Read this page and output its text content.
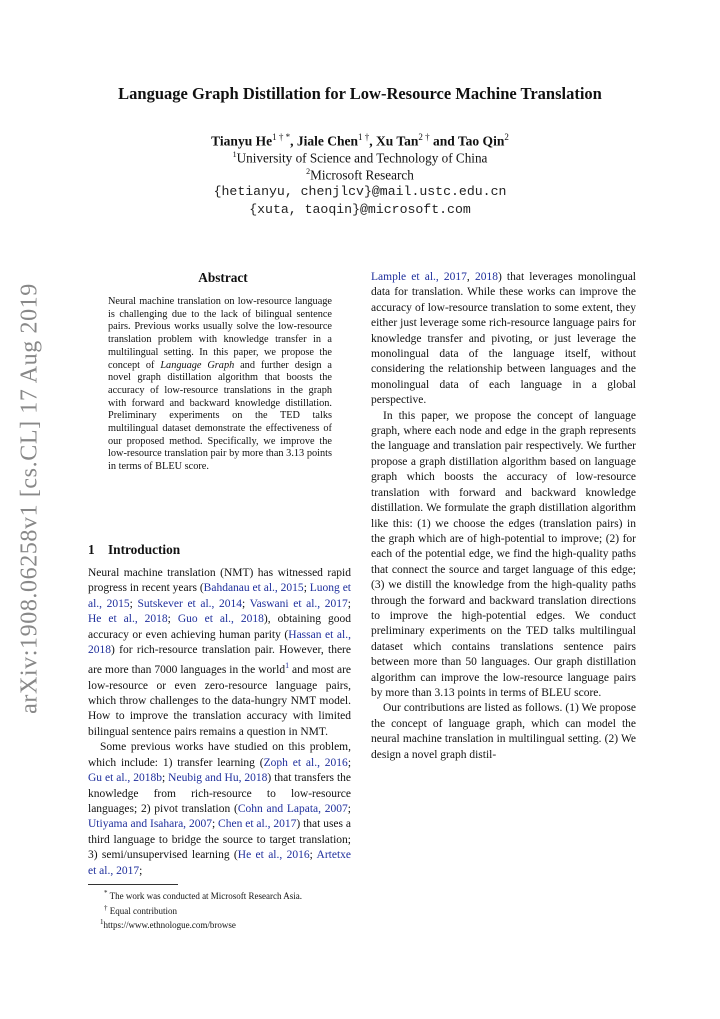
arXiv:1908.06258v1 [cs.CL] 17 Aug 2019
Language Graph Distillation for Low-Resource Machine Translation
Tianyu $He^{1 \dagger *}$, Jiale Chen$^{1 \dagger}$, Xu Tan$^{2 \dagger}$ and Tao Qin$^2$
$^1$University of Science and Technology of China
$^2$Microsoft Research
{hetianyu, chenjlcv}@mail.ustc.edu.cn
{xuta, taoqin}@microsoft.com
Abstract
Neural machine translation on low-resource language is challenging due to the lack of bilingual sentence pairs. Previous works usually solve the low-resource translation problem with knowledge transfer in a multilingual setting. In this paper, we propose the concept of Language Graph and further design a novel graph distillation algorithm that boosts the accuracy of low-resource translations in the graph with forward and backward knowledge distillation. Preliminary experiments on the TED talks multilingual dataset demonstrate the effectiveness of our proposed method. Specifically, we improve the low-resource translation pair by more than 3.13 points in terms of BLEU score.
1 Introduction

Neural machine translation (NMT) has witnessed rapid progress in recent years (Bahdanau et al., 2015; Luong et al., 2015; Sutskever et al., 2014; Vaswani et al., 2017; He et al., 2018; Guo et al., 2018), obtaining good accuracy or even achieving human parity (Hassan et al., 2018) for rich-resource translation pair. However, there are more than 7000 languages in the world$^1$ and most are low-resource or even zero-resource language pairs, which throw challenges to the data-hungry NMT model. How to improve the translation accuracy with limited bilingual sentence pairs remains a question in NMT.

Some previous works have studied on this problem, which include: 1) transfer learning (Zoph et al., 2016; Gu et al., 2018b; Neubig and Hu, 2018) that transfers the knowledge from rich-resource to low-resource languages; 2) pivot translation (Cohn and Lapata, 2007; Utiyama and Isahara, 2007; Chen et al., 2017) that uses a third language to bridge the source to target translation; 3) semi/unsupervised learning (He et al., 2016; Artetxe et al., 2017;

Lample et al., 2017, 2018) that leverages monolingual data for translation. While these works can improve the accuracy of low-resource translation to some extent, they either just leverage some rich-resource language pairs for knowledge transfer and pivoting, or just leverage the monolingual data of the language itself, without considering the relationship between languages and the monolingual data of each language in a global perspective.

In this paper, we propose the concept of language graph, where each node and edge in the graph represents the language and translation pair respectively. We further propose a graph distillation algorithm based on language graph which boosts the accuracy of low-resource translation with forward and backward knowledge distillation. We formulate the graph distillation algorithm like this: (1) we choose the edges (translation pairs) in the graph which are of high-potential to improve; (2) for each of the potential edge, we find the high-quality paths that connect the source and target language of this edge; (3) we distill the knowledge from the high-quality paths through the forward and backward translation directions to improve the high-potential edges. We conduct preliminary experiments on the TED talks multilingual dataset which contains translations sentence pairs between more than 50 languages. Our graph distillation algorithm can improve the low-resource language pairs by more than 3.13 points in terms of BLEU score.

Our contributions are listed as follows. (1) We propose the concept of language graph, which can model the neural machine translation in multilingual setting. (2) We design a novel graph distil-

* The work was conducted at Microsoft Research Asia.
† Equal contribution
$^1$https://www.ethnologue.com/browse
